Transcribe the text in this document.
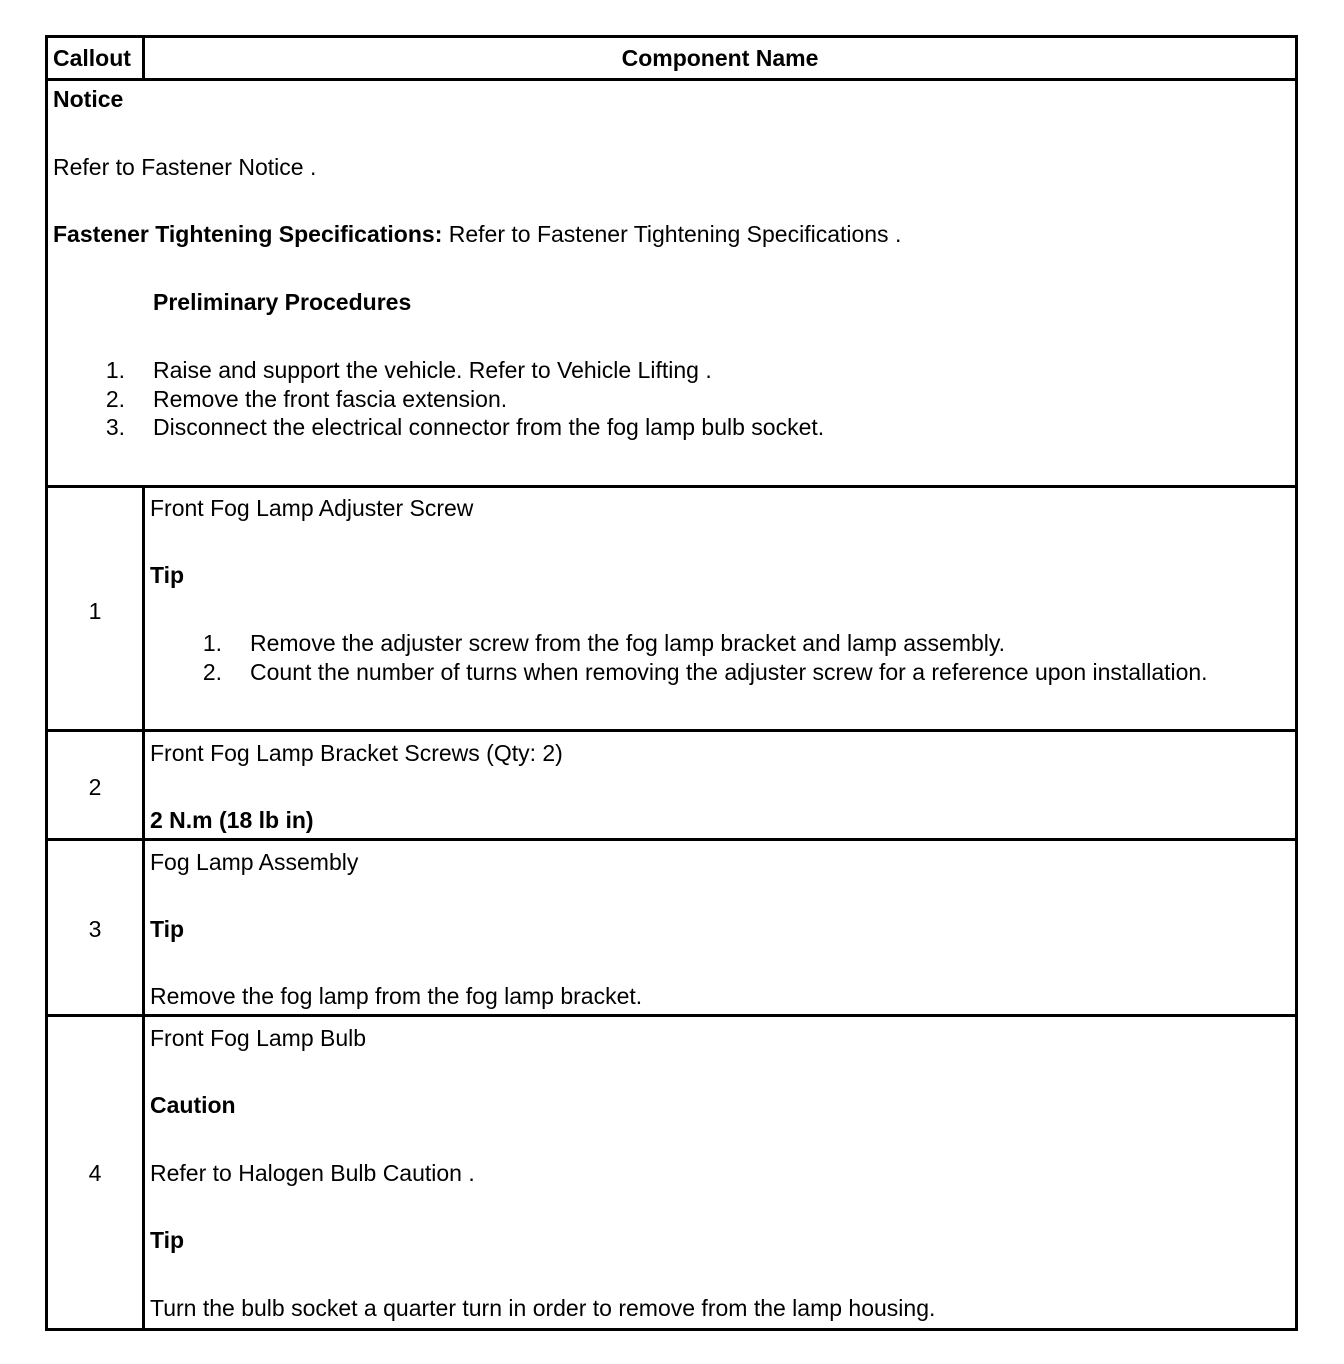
Callout	Component Name
Notice
Refer to Fastener Notice .
Fastener Tightening Specifications: Refer to Fastener Tightening Specifications .
Preliminary Procedures
1. Raise and support the vehicle. Refer to Vehicle Lifting .
2. Remove the front fascia extension.
3. Disconnect the electrical connector from the fog lamp bulb socket.
1
Front Fog Lamp Adjuster Screw
Tip
1. Remove the adjuster screw from the fog lamp bracket and lamp assembly.
2. Count the number of turns when removing the adjuster screw for a reference upon installation.
2
Front Fog Lamp Bracket Screws (Qty: 2)
2 N.m (18 lb in)
3
Fog Lamp Assembly
Tip
Remove the fog lamp from the fog lamp bracket.
4
Front Fog Lamp Bulb
Caution
Refer to Halogen Bulb Caution .
Tip
Turn the bulb socket a quarter turn in order to remove from the lamp housing.
